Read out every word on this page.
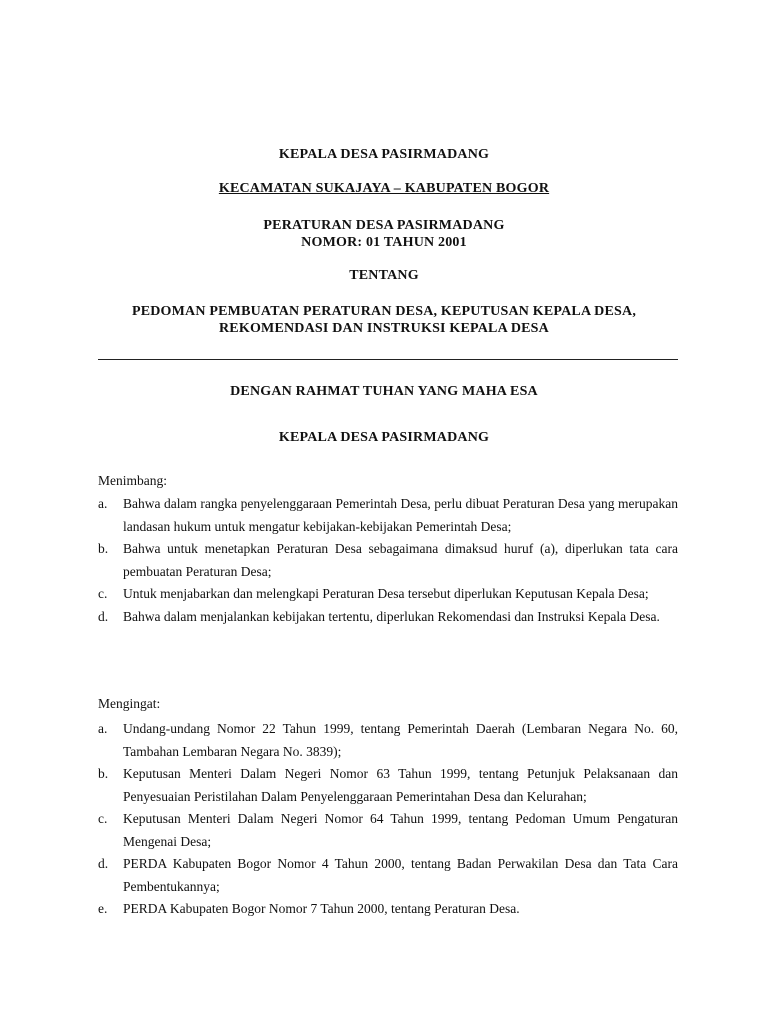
KEPALA DESA PASIRMADANG
KECAMATAN SUKAJAYA – KABUPATEN BOGOR
PERATURAN DESA PASIRMADANG
NOMOR: 01 TAHUN 2001
TENTANG
PEDOMAN PEMBUATAN PERATURAN DESA, KEPUTUSAN KEPALA DESA,
REKOMENDASI DAN INSTRUKSI KEPALA DESA
DENGAN RAHMAT TUHAN YANG MAHA ESA
KEPALA DESA PASIRMADANG
Menimbang:
a. Bahwa dalam rangka penyelenggaraan Pemerintah Desa, perlu dibuat Peraturan Desa yang merupakan landasan hukum untuk mengatur kebijakan-kebijakan Pemerintah Desa;
b. Bahwa untuk menetapkan Peraturan Desa sebagaimana dimaksud huruf (a), diperlukan tata cara pembuatan Peraturan Desa;
c. Untuk menjabarkan dan melengkapi Peraturan Desa tersebut diperlukan Keputusan Kepala Desa;
d. Bahwa dalam menjalankan kebijakan tertentu, diperlukan Rekomendasi dan Instruksi Kepala Desa.
Mengingat:
a. Undang-undang Nomor 22 Tahun 1999, tentang Pemerintah Daerah (Lembaran Negara No. 60, Tambahan Lembaran Negara No. 3839);
b. Keputusan Menteri Dalam Negeri Nomor 63 Tahun 1999, tentang Petunjuk Pelaksanaan dan Penyesuaian Peristilahan Dalam Penyelenggaraan Pemerintahan Desa dan Kelurahan;
c. Keputusan Menteri Dalam Negeri Nomor 64 Tahun 1999, tentang Pedoman Umum Pengaturan Mengenai Desa;
d. PERDA Kabupaten Bogor Nomor 4 Tahun 2000, tentang Badan Perwakilan Desa dan Tata Cara Pembentukannya;
e. PERDA Kabupaten Bogor Nomor 7 Tahun 2000, tentang Peraturan Desa.
